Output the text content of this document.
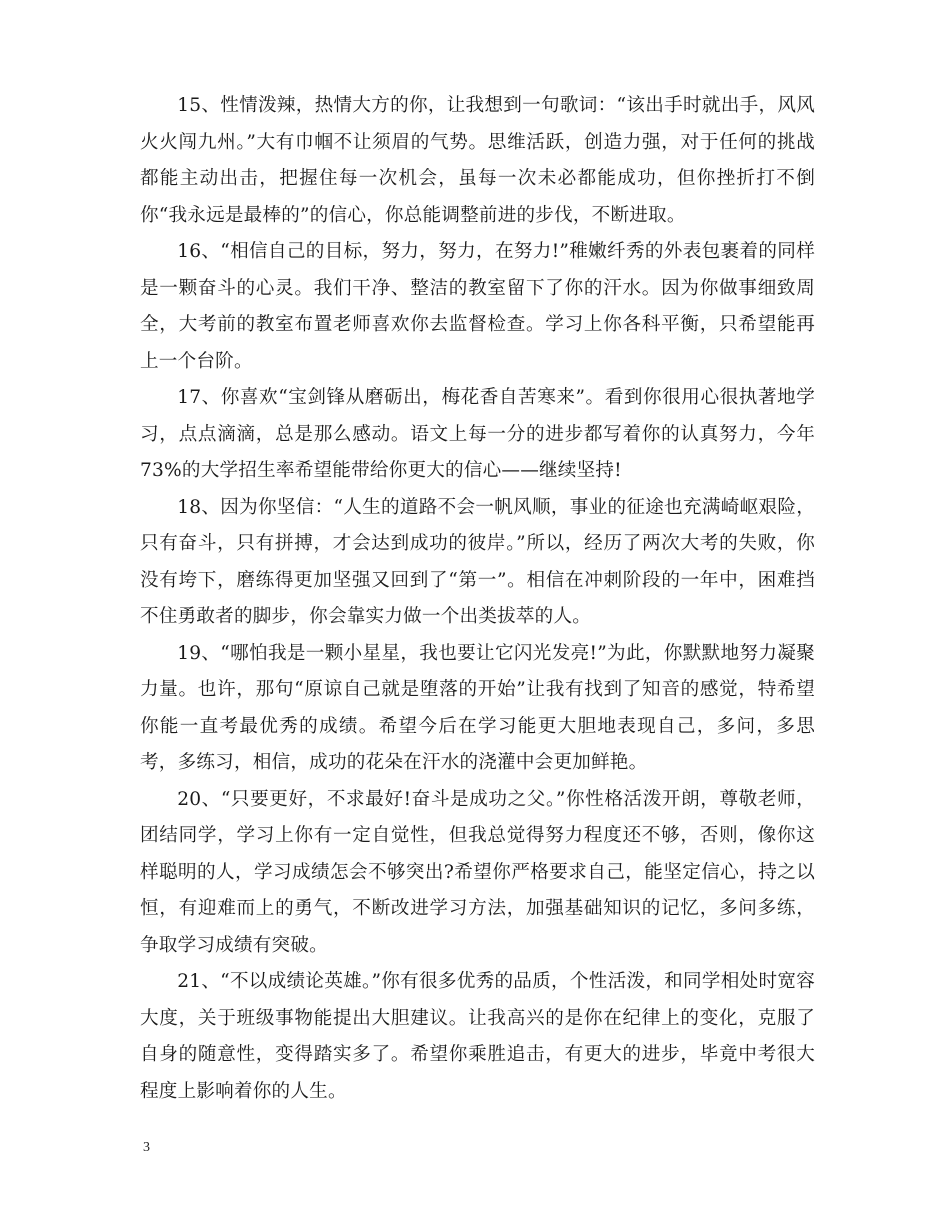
15、性情泼辣，热情大方的你，让我想到一句歌词：“该出手时就出手，风风火火闯九州。”大有巾帼不让须眉的气势。思维活跃，创造力强，对于任何的挑战都能主动出击，把握住每一次机会，虽每一次未必都能成功，但你挫折打不倒你“我永远是最棒的”的信心，你总能调整前进的步伐，不断进取。

16、“相信自己的目标，努力，努力，在努力!”稚嫩纤秀的外表包裹着的同样是一颗奋斗的心灵。我们干净、整洁的教室留下了你的汗水。因为你做事细致周全，大考前的教室布置老师喜欢你去监督检查。学习上你各科平衡，只希望能再上一个台阶。

17、你喜欢“宝剑锋从磨砺出，梅花香自苦寒来”。看到你很用心很执著地学习，点点滴滴，总是那么感动。语文上每一分的进步都写着你的认真努力，今年73%的大学招生率希望能带给你更大的信心——继续坚持!

18、因为你坚信：“人生的道路不会一帆风顺，事业的征途也充满崎岖艰险，只有奋斗，只有拼搏，才会达到成功的彼岸。”所以，经历了两次大考的失败，你没有垮下，磨练得更加坚强又回到了“第一”。相信在冲刺阶段的一年中，困难挡不住勇敢者的脚步，你会靠实力做一个出类拔萃的人。

19、“哪怕我是一颗小星星，我也要让它闪光发亮!”为此，你默默地努力凝聚力量。也许，那句“原谅自己就是堕落的开始”让我有找到了知音的感觉，特希望你能一直考最优秀的成绩。希望今后在学习能更大胆地表现自己，多问，多思考，多练习，相信，成功的花朵在汗水的浇灌中会更加鲜艳。

20、“只要更好，不求最好!奋斗是成功之父。”你性格活泼开朗，尊敬老师，团结同学，学习上你有一定自觉性，但我总觉得努力程度还不够，否则，像你这样聪明的人，学习成绩怎会不够突出?希望你严格要求自己，能坚定信心，持之以恒，有迎难而上的勇气，不断改进学习方法，加强基础知识的记忆，多问多练，争取学习成绩有突破。

21、“不以成绩论英雄。”你有很多优秀的品质，个性活泼，和同学相处时宽容大度，关于班级事物能提出大胆建议。让我高兴的是你在纪律上的变化，克服了自身的随意性，变得踏实多了。希望你乘胜追击，有更大的进步，毕竟中考很大程度上影响着你的人生。

3
